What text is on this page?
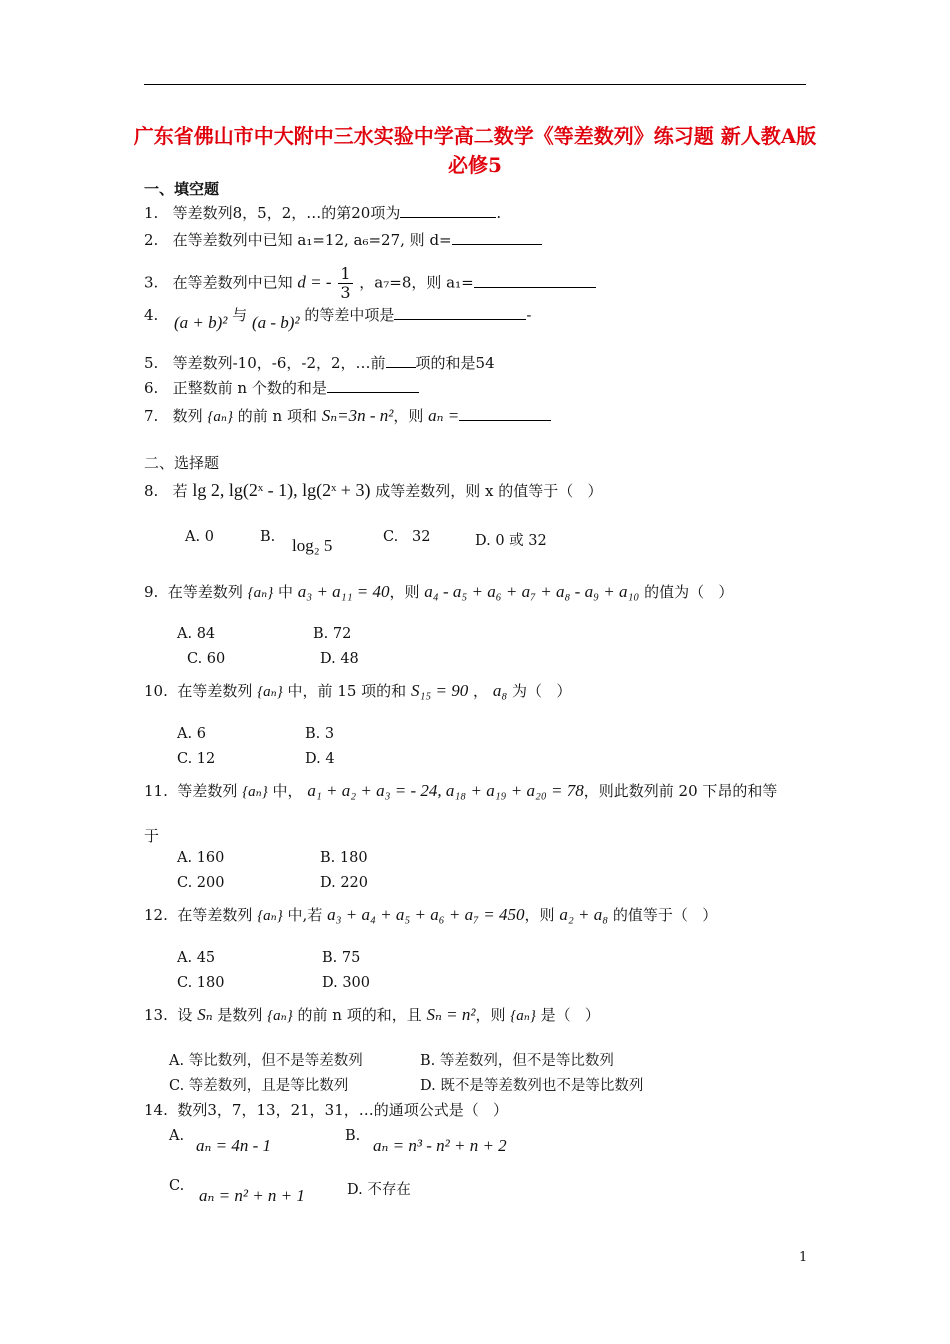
广东省佛山市中大附中三水实验中学高二数学《等差数列》练习题 新人教A版必修5
一、填空题
1.   等差数列8，5，2，…的第20项为	.
2.   在等差数列中已知 a₁=12, a₆=27, 则 d=
3.   在等差数列中已知 d = - $\frac{1}{3}$ ，a₇=8，则 a₁=
4. (a + b)² 与 (a - b)² 的等差中项是	-
5.   等差数列-10，-6，-2，2，…前 项的和是54
6.   正整数前 n 个数的和是
7.   数列 {aₙ} 的前 n 项和 Sₙ=3n - n²，则 aₙ =
二、选择题
8.   若 lg 2, lg(2ˣ - 1), lg(2ˣ + 3) 成等差数列，则 x 的值等于（   ）
A. 0	B. log₂ 5	C.   32	D. 0 或 32
9.  在等差数列 {aₙ} 中 a₃ + a₁₁ = 40，则 a₄ - a₅ + a₆ + a₇ + a₈ - a₉ + a₁₀ 的值为（   ）
A. 84	B. 72
C. 60	D. 48
10.  在等差数列 {aₙ} 中，前 15 项的和 S₁₅ = 90 ， a₈ 为（   ）
A. 6	B. 3
C. 12	D. 4
11.  等差数列 {aₙ} 中， a₁ + a₂ + a₃ = - 24, a₁₈ + a₁₉ + a₂₀ = 78，则此数列前 20 下昂的和等
于
A. 160	B. 180
C. 200	D. 220
12.  在等差数列 {aₙ} 中,若 a₃ + a₄ + a₅ + a₆ + a₇ = 450，则 a₂ + a₈ 的值等于（   ）
A. 45	B. 75
C. 180	D. 300
13.  设 Sₙ 是数列 {aₙ} 的前 n 项的和，且 Sₙ = n²，则 {aₙ} 是（   ）
A. 等比数列，但不是等差数列	B. 等差数列，但不是等比数列
C. 等差数列，且是等比数列	D. 既不是等差数列也不是等比数列
14.  数列3，7，13，21，31，…的通项公式是（   ）
A. aₙ = 4n - 1	B. aₙ = n³ - n² + n + 2
C. aₙ = n² + n + 1	D. 不存在
1
